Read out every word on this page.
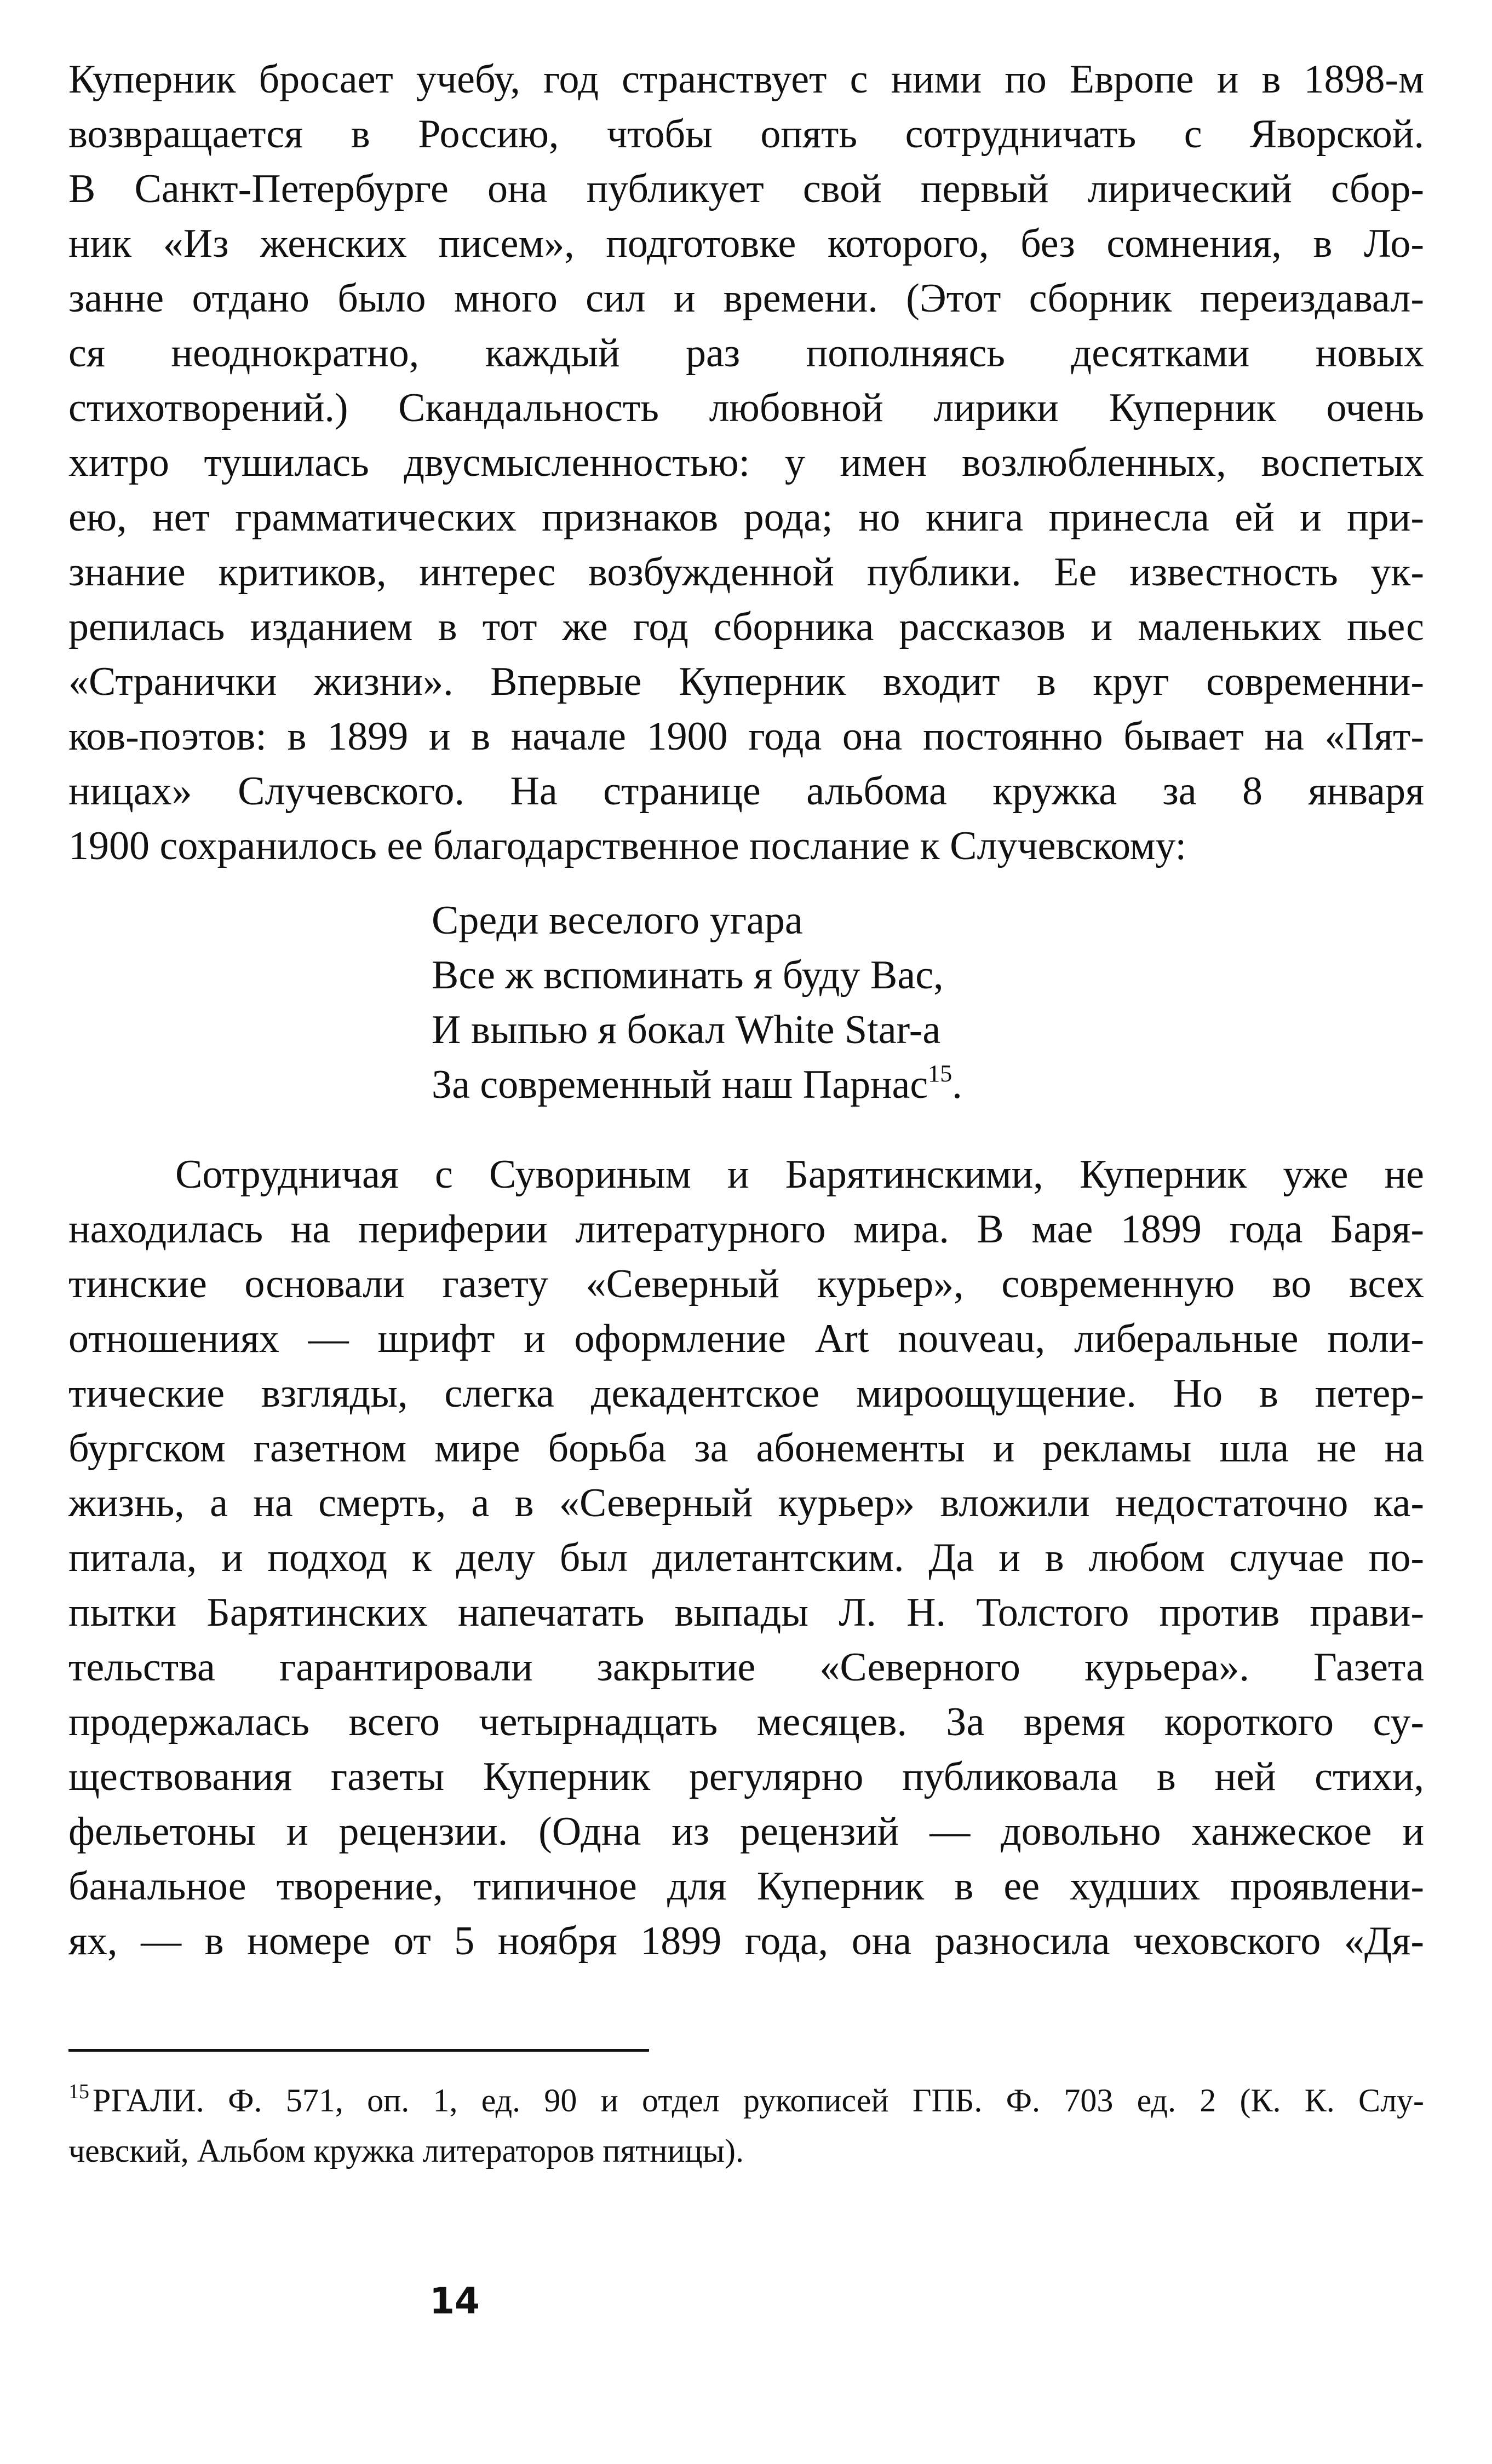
Куперник бросает учебу, год странствует с ними по Европе и в 1898-м
возвращается в Россию, чтобы опять сотрудничать с Яворской.
В Санкт-Петербурге она публикует свой первый лирический сбор-
ник «Из женских писем», подготовке которого, без сомнения, в Ло-
занне отдано было много сил и времени. (Этот сборник переиздавал-
ся неоднократно, каждый раз пополняясь десятками новых
стихотворений.) Скандальность любовной лирики Куперник очень
хитро тушилась двусмысленностью: у имен возлюбленных, воспетых
ею, нет грамматических признаков рода; но книга принесла ей и при-
знание критиков, интерес возбужденной публики. Ее известность ук-
репилась изданием в тот же год сборника рассказов и маленьких пьес
«Странички жизни». Впервые Куперник входит в круг современни-
ков-поэтов: в 1899 и в начале 1900 года она постоянно бывает на «Пят-
ницах» Случевского. На странице альбома кружка за 8 января
1900 сохранилось ее благодарственное послание к Случевскому:
Среди веселого угара
Все ж вспоминать я буду Вас,
И выпью я бокал White Star-а
За современный наш Парнас$^{15}$.
Сотрудничая с Сувориным и Барятинскими, Куперник уже не
находилась на периферии литературного мира. В мае 1899 года Баря-
тинские основали газету «Северный курьер», современную во всех
отношениях — шрифт и оформление Art nouveau, либеральные поли-
тические взгляды, слегка декадентское мироощущение. Но в петер-
бургском газетном мире борьба за абонементы и рекламы шла не на
жизнь, а на смерть, а в «Северный курьер» вложили недостаточно ка-
питала, и подход к делу был дилетантским. Да и в любом случае по-
пытки Барятинских напечатать выпады Л. Н. Толстого против прави-
тельства гарантировали закрытие «Северного курьера». Газета
продержалась всего четырнадцать месяцев. За время короткого су-
ществования газеты Куперник регулярно публиковала в ней стихи,
фельетоны и рецензии. (Одна из рецензий — довольно ханжеское и
банальное творение, типичное для Куперник в ее худших проявлени-
ях, — в номере от 5 ноября 1899 года, она разносила чеховского «Дя-
$^{15}$ РГАЛИ. Ф. 571, оп. 1, ед. 90 и отдел рукописей ГПБ. Ф. 703 ед. 2 (К. К. Слу-
чевский, Альбом кружка литераторов пятницы).
14
